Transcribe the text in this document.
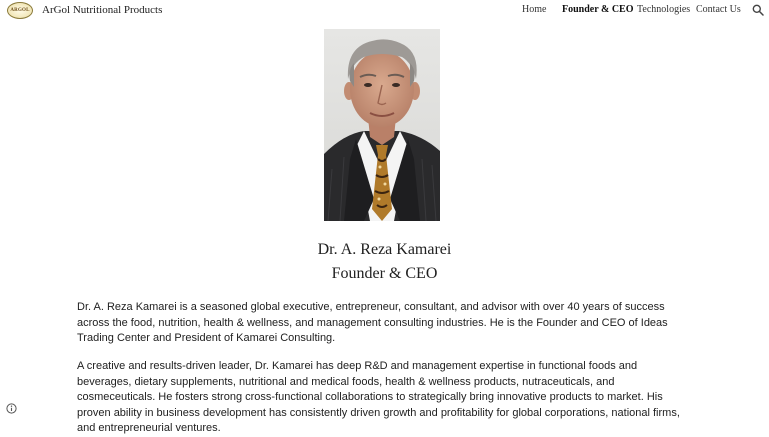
ARGOL ArGol Nutritional Products	Home Founder & CEO Technologies Contact Us
Dr. A. Reza Kamarei
Founder & CEO

Dr. A. Reza Kamarei is a seasoned global executive, entrepreneur, consultant, and advisor with over 40 years of success across the food, nutrition, health & wellness, and management consulting industries. He is the Founder and CEO of Ideas Trading Center and President of Kamarei Consulting.

A creative and results-driven leader, Dr. Kamarei has deep R&D and management expertise in functional foods and beverages, dietary supplements, nutritional and medical foods, health & wellness products, nutraceuticals, and cosmeceuticals. He fosters strong cross-functional collaborations to strategically bring innovative products to market. His proven ability in business development has consistently driven growth and profitability for global corporations, national firms, and entrepreneurial ventures.
